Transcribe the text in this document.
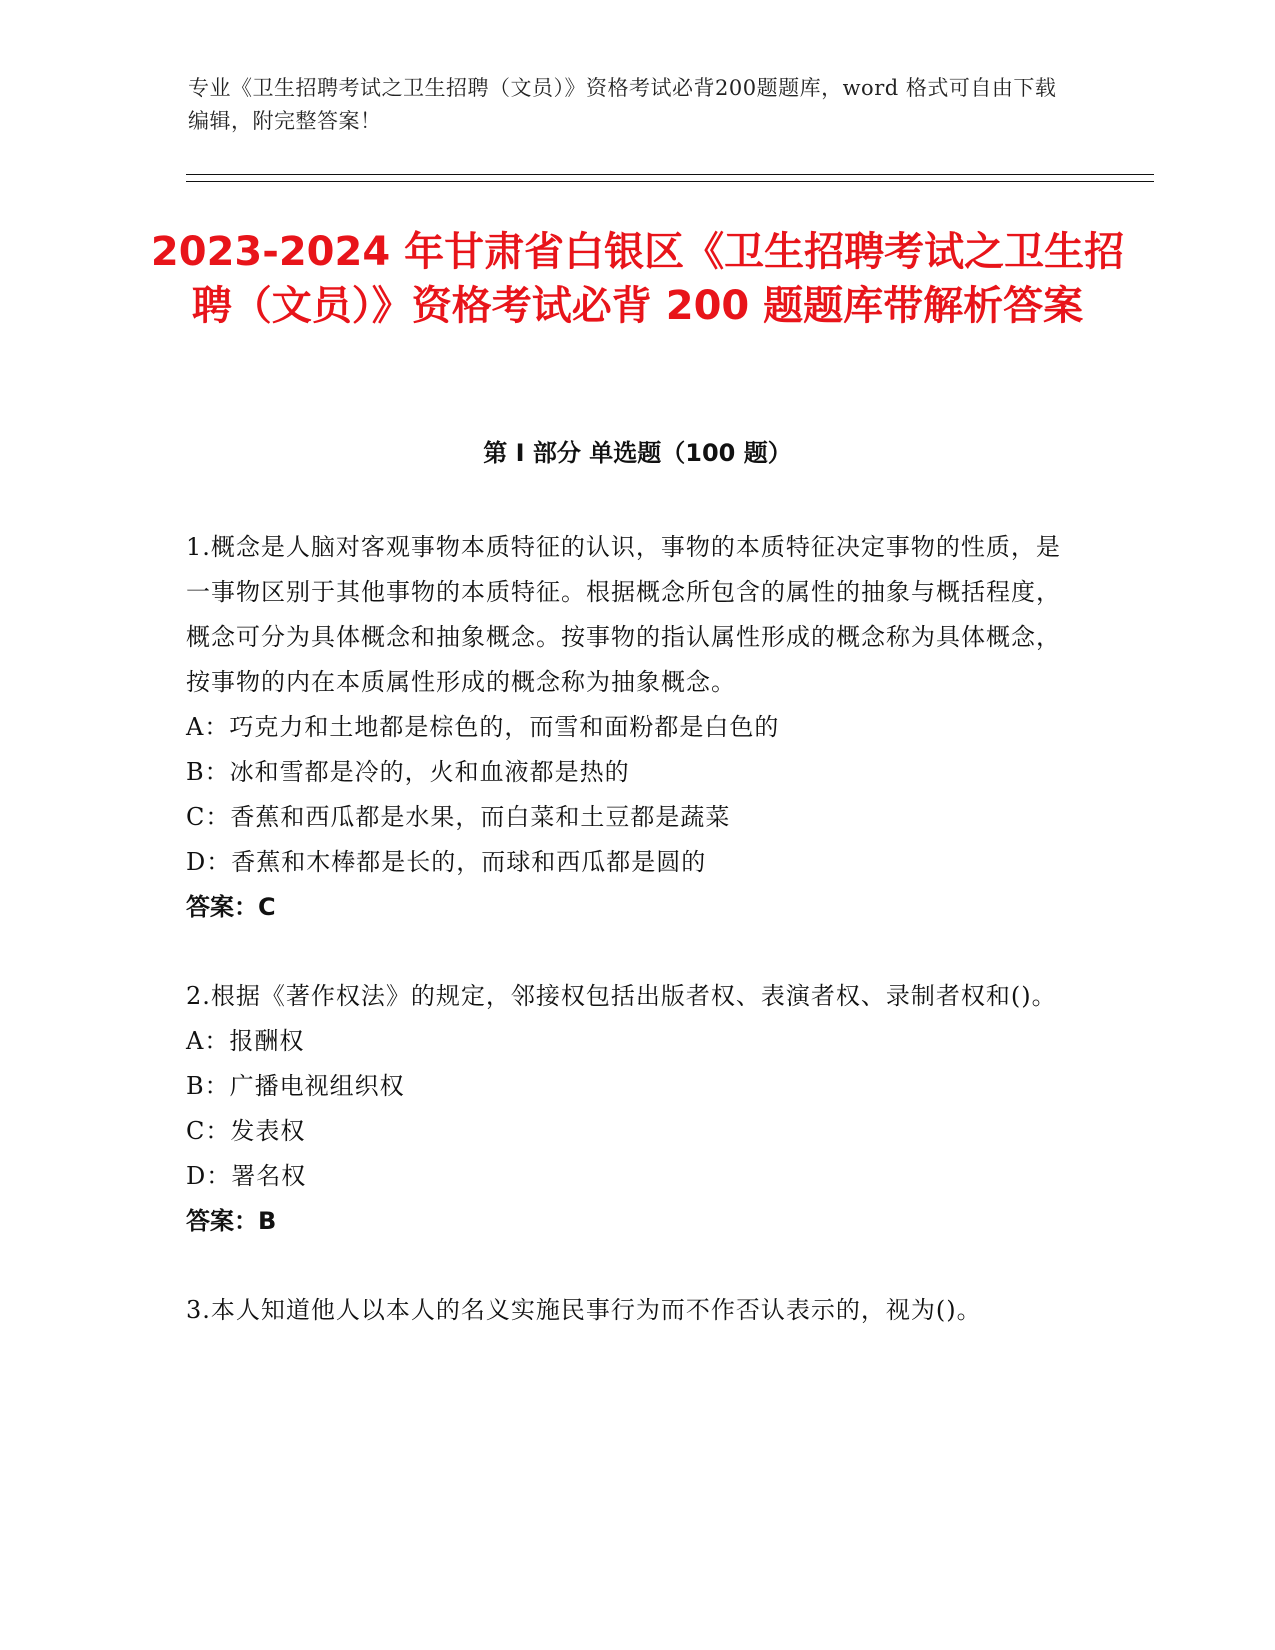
专业《卫生招聘考试之卫生招聘（文员）》资格考试必背200题题库，word 格式可自由下载编辑，附完整答案！
2023-2024 年甘肃省白银区《卫生招聘考试之卫生招聘（文员）》资格考试必背 200 题题库带解析答案
第 I 部分 单选题（100 题）

1.概念是人脑对客观事物本质特征的认识，事物的本质特征决定事物的性质，是一事物区别于其他事物的本质特征。根据概念所包含的属性的抽象与概括程度，概念可分为具体概念和抽象概念。按事物的指认属性形成的概念称为具体概念，按事物的内在本质属性形成的概念称为抽象概念。

A：巧克力和土地都是棕色的，而雪和面粉都是白色的

B：冰和雪都是冷的，火和血液都是热的

C：香蕉和西瓜都是水果，而白菜和土豆都是蔬菜

D：香蕉和木棒都是长的，而球和西瓜都是圆的

答案：C

2.根据《著作权法》的规定，邻接权包括出版者权、表演者权、录制者权和()。

A：报酬权

B：广播电视组织权

C：发表权

D：署名权

答案：B

3.本人知道他人以本人的名义实施民事行为而不作否认表示的，视为()。
